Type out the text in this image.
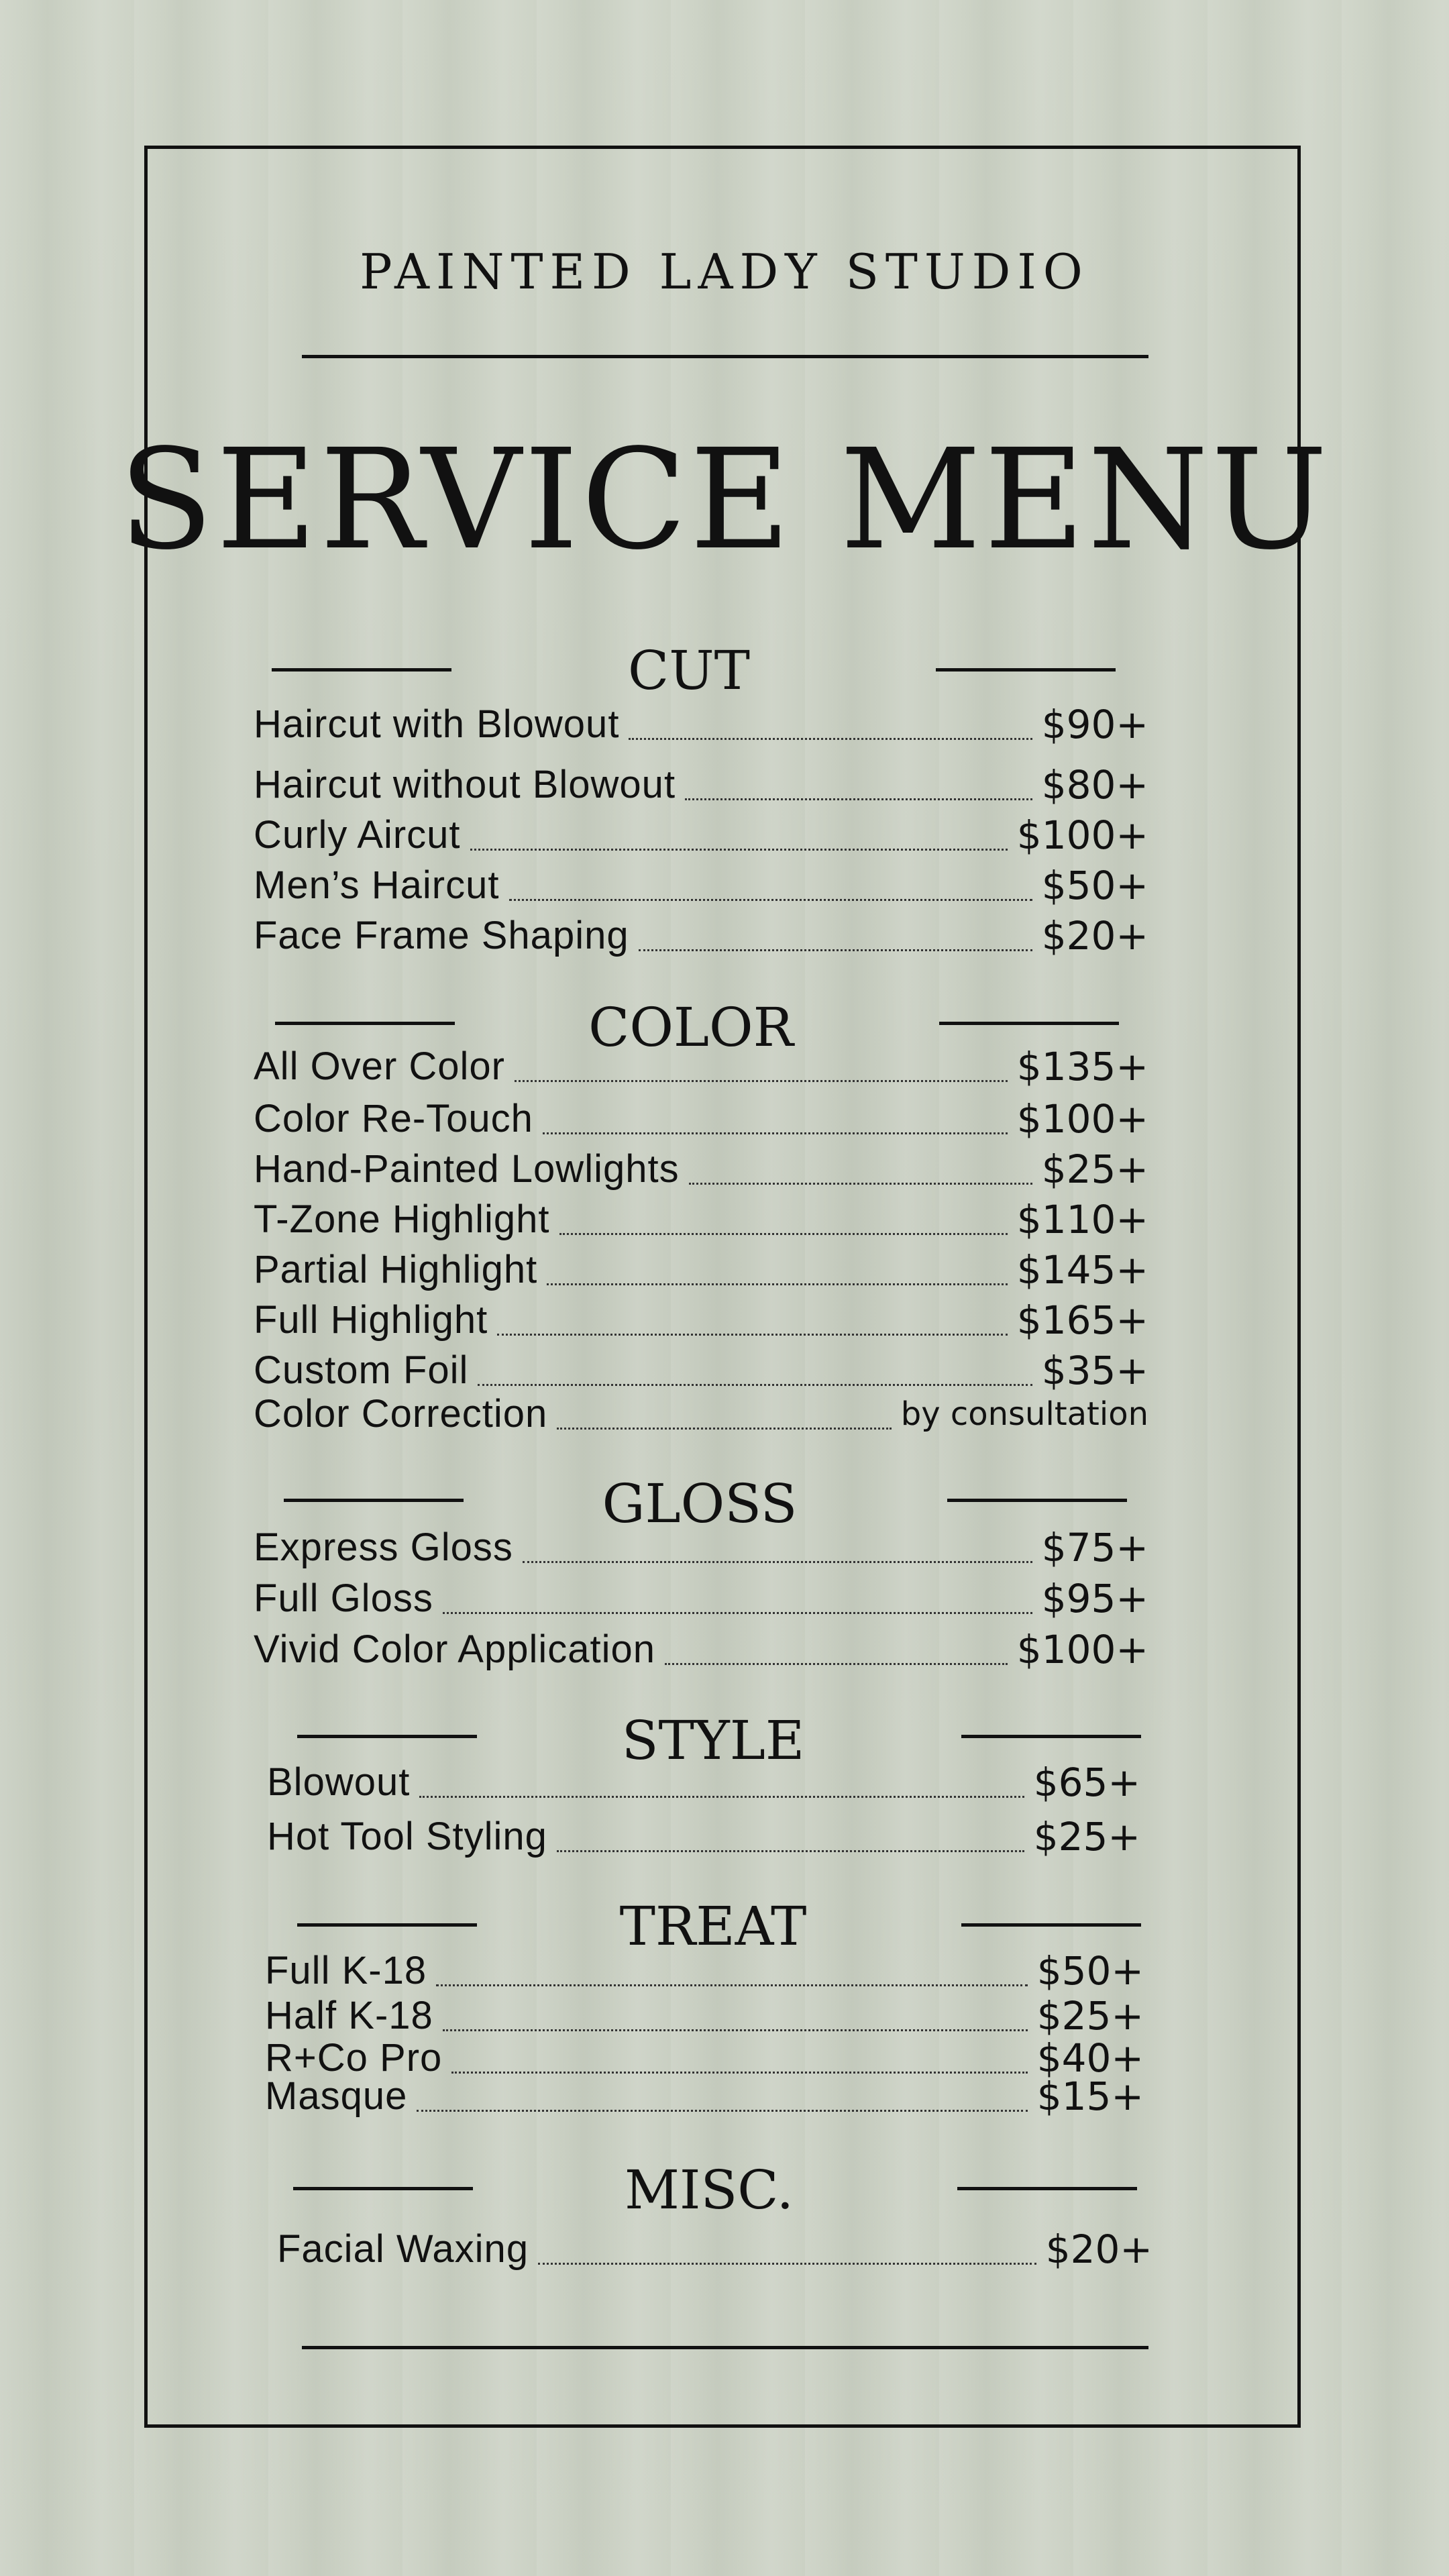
PAINTED LADY STUDIO
SERVICE MENU
CUT
Haircut with Blowout	$90+
Haircut without Blowout	$80+
Curly Aircut	$100+
Men’s Haircut	$50+
Face Frame Shaping	$20+
COLOR
All Over Color	$135+
Color Re-Touch	$100+
Hand-Painted Lowlights	$25+
T-Zone Highlight	$110+
Partial Highlight	$145+
Full Highlight	$165+
Custom Foil	$35+
Color Correction	by consultation
GLOSS
Express Gloss	$75+
Full Gloss	$95+
Vivid Color Application	$100+
STYLE
Blowout	$65+
Hot Tool Styling	$25+
TREAT
Full K-18	$50+
Half K-18	$25+
R+Co Pro	$40+
Masque	$15+
MISC.
Facial Waxing	$20+
